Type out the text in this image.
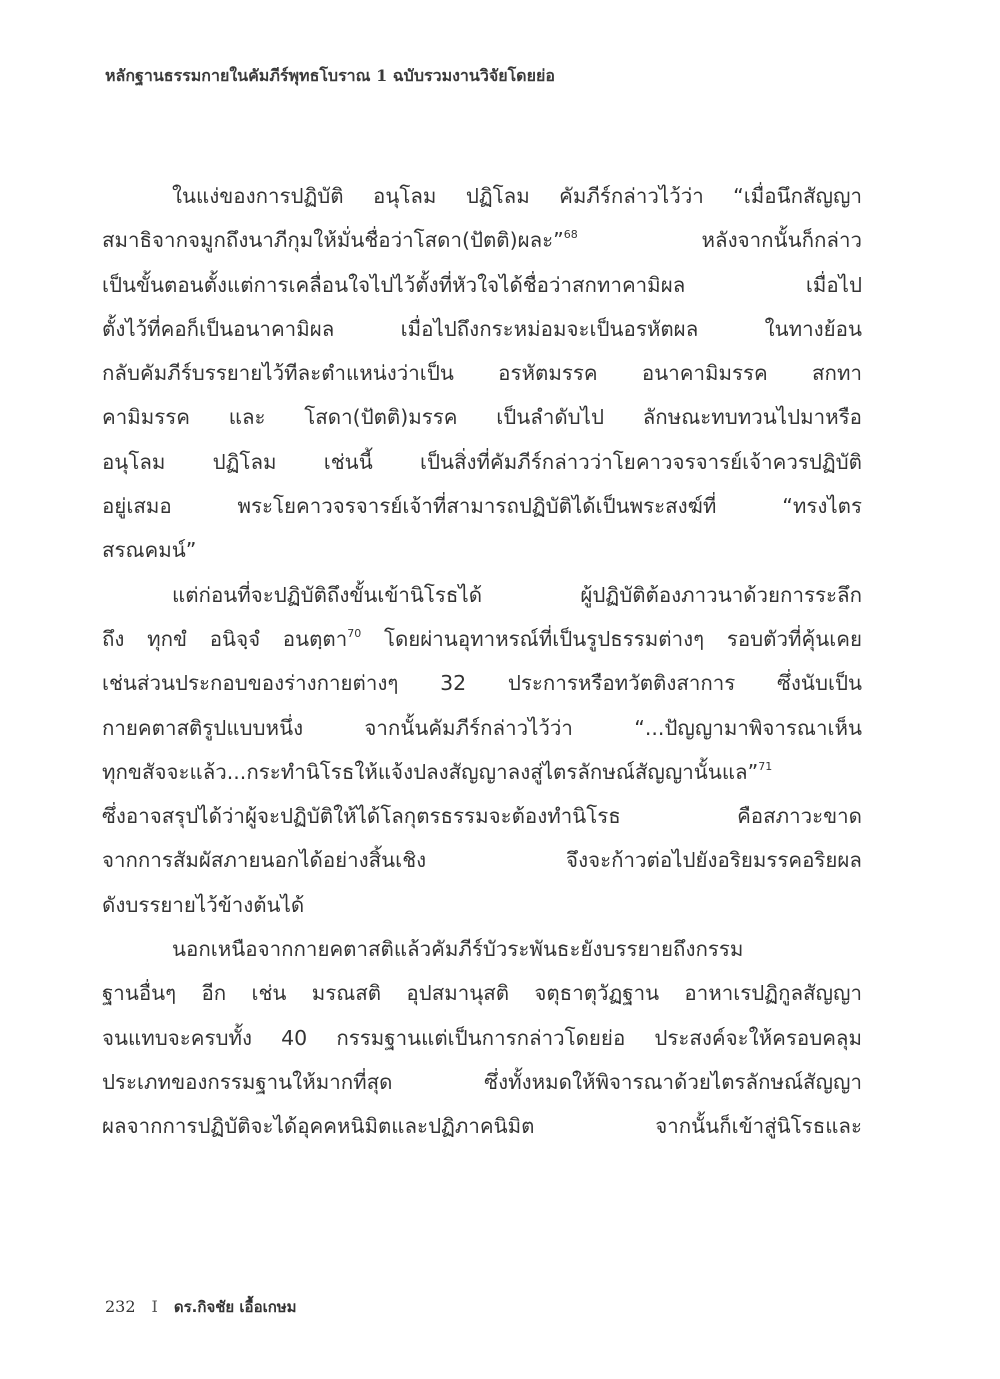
หลักฐานธรรมกายในคัมภีร์พุทธโบราณ 1 ฉบับรวมงานวิจัยโดยย่อ
ในแง่ของการปฏิบัติ อนุโลม ปฏิโลม คัมภีร์กล่าวไว้ว่า “เมื่อนึกสัญญา
สมาธิจากจมูกถึงนาภีกุมให้มั่นชื่อว่าโสดา(ปัตติ)ผละ”$^{68}$   หลังจากนั้นก็กล่าว
เป็นขั้นตอนตั้งแต่การเคลื่อนใจไปไว้ตั้งที่หัวใจได้ชื่อว่าสกทาคามิผล เมื่อไป
ตั้งไว้ที่คอก็เป็นอนาคามิผล เมื่อไปถึงกระหม่อมจะเป็นอรหัตผล ในทางย้อน
กลับคัมภีร์บรรยายไว้ทีละตำแหน่งว่าเป็น อรหัตมรรค อนาคามิมรรค สกทา
คามิมรรค และ โสดา(ปัตติ)มรรค เป็นลำดับไป ลักษณะทบทวนไปมาหรือ
อนุโลม ปฏิโลม เช่นนี้ เป็นสิ่งที่คัมภีร์กล่าวว่าโยคาวจรจารย์เจ้าควรปฏิบัติ
อยู่เสมอ พระโยคาวจรจารย์เจ้าที่สามารถปฏิบัติได้เป็นพระสงฆ์ที่ “ทรงไตร
สรณคมน์”
แต่ก่อนที่จะปฏิบัติถึงขั้นเข้านิโรธได้ ผู้ปฏิบัติต้องภาวนาด้วยการระลึก
ถึง ทุกขํ อนิจฺจํ อนตฺตา$^{70}$ โดยผ่านอุทาหรณ์ที่เป็นรูปธรรมต่างๆ รอบตัวที่คุ้นเคย
เช่นส่วนประกอบของร่างกายต่างๆ 32 ประการหรือทวัตติงสาการ ซึ่งนับเป็น
กายคตาสติรูปแบบหนึ่ง จากนั้นคัมภีร์กล่าวไว้ว่า “...ปัญญามาพิจารณาเห็น
ทุกขสัจจะแล้ว...กระทำนิโรธให้แจ้งปลงสัญญาลงสู่ไตรลักษณ์สัญญานั้นแล”$^{71}$
ซึ่งอาจสรุปได้ว่าผู้จะปฏิบัติให้ได้โลกุตรธรรมจะต้องทำนิโรธ คือสภาวะขาด
จากการสัมผัสภายนอกได้อย่างสิ้นเชิง จึงจะก้าวต่อไปยังอริยมรรคอริยผล
ดังบรรยายไว้ข้างต้นได้
นอกเหนือจากกายคตาสติแล้วคัมภีร์บัวระพันธะยังบรรยายถึงกรรม
ฐานอื่นๆ อีก เช่น มรณสติ อุปสมานุสติ จตุธาตุวัฏฐาน อาหาเรปฏิกูลสัญญา
จนแทบจะครบทั้ง 40 กรรมฐานแต่เป็นการกล่าวโดยย่อ ประสงค์จะให้ครอบคลุม
ประเภทของกรรมฐานให้มากที่สุด ซึ่งทั้งหมดให้พิจารณาด้วยไตรลักษณ์สัญญา
ผลจากการปฏิบัติจะได้อุคคหนิมิตและปฏิภาคนิมิต จากนั้นก็เข้าสู่นิโรธและ
232 I ดร.กิจชัย เอื้อเกษม
